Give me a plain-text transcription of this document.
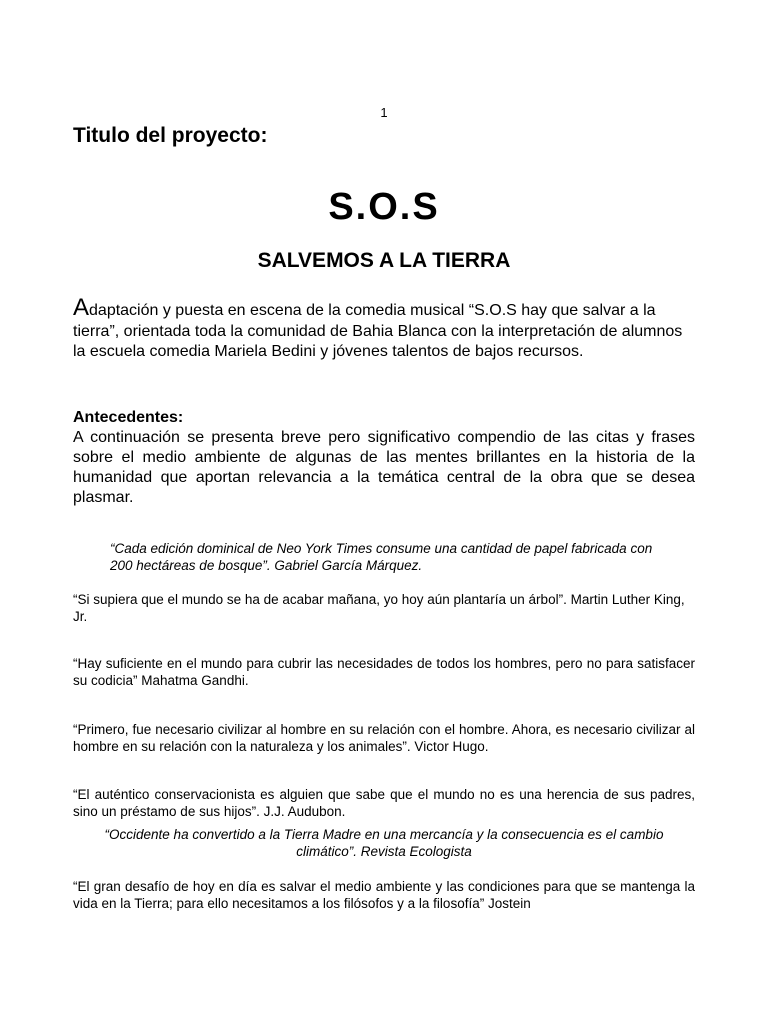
1
Titulo del proyecto:
S.O.S
SALVEMOS A LA TIERRA

Adaptación y puesta en escena de la comedia musical “S.O.S hay que salvar a la tierra”, orientada toda la comunidad de Bahia Blanca con la interpretación de alumnos la escuela comedia Mariela Bedini y jóvenes talentos de bajos recursos.

Antecedentes:
A continuación se presenta breve pero significativo compendio de las citas y frases sobre el medio ambiente de algunas de las mentes brillantes en la historia de la humanidad que aportan relevancia a la temática central de la obra que se desea plasmar.

“Cada edición dominical de Neo York Times consume una cantidad de papel fabricada con 200 hectáreas de bosque”. Gabriel García Márquez.

“Si supiera que el mundo se ha de acabar mañana, yo hoy aún plantaría un árbol”. Martin Luther King, Jr.

“Hay suficiente en el mundo para cubrir las necesidades de todos los hombres, pero no para satisfacer su codicia” Mahatma Gandhi.

“Primero, fue necesario civilizar al hombre en su relación con el hombre. Ahora, es necesario civilizar al hombre en su relación con la naturaleza y los animales”. Victor Hugo.

“El auténtico conservacionista es alguien que sabe que el mundo no es una herencia de sus padres, sino un préstamo de sus hijos”. J.J. Audubon.

“Occidente ha convertido a la Tierra Madre en una mercancía y la consecuencia es el cambio climático”. Revista Ecologista

“El gran desafío de hoy en día es salvar el medio ambiente y las condiciones para que se mantenga la vida en la Tierra; para ello necesitamos a los filósofos y a la filosofía” Jostein
